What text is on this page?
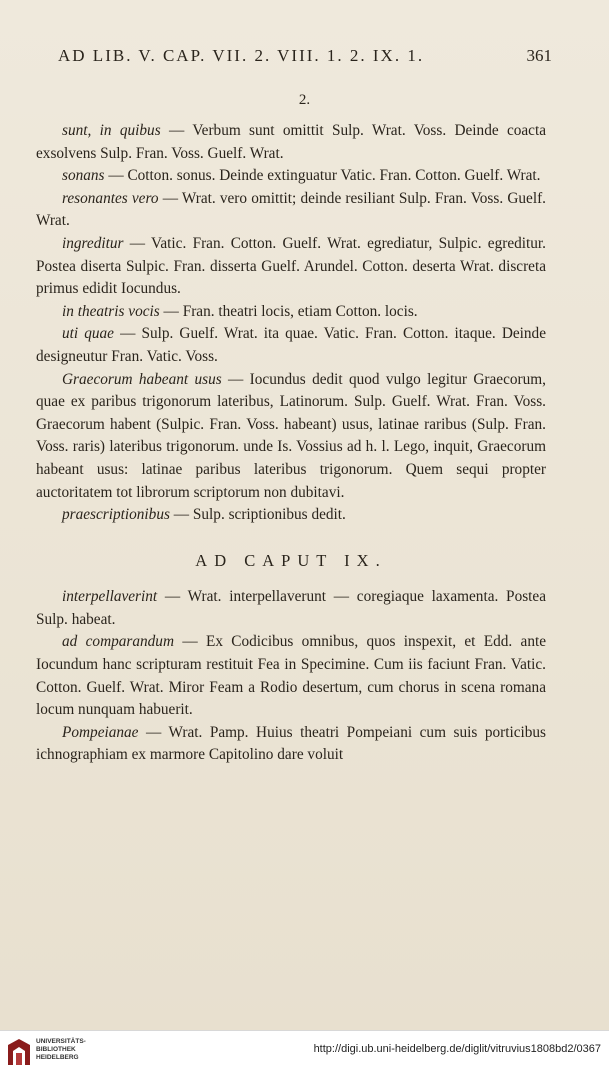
AD LIB. V. CAP. VII. 2. VIII. 1. 2. IX. 1.	361
2.

sunt, in quibus — Verbum sunt omittit Sulp. Wrat. Voss. Deinde coacta exsolvens Sulp. Fran. Voss. Guelf. Wrat.

sonans — Cotton. sonus. Deinde extinguatur Vatic. Fran. Cotton. Guelf. Wrat.

resonantes vero — Wrat. vero omittit; deinde resiliant Sulp. Fran. Voss. Guelf. Wrat.

ingreditur — Vatic. Fran. Cotton. Guelf. Wrat. egrediatur, Sulpic. egreditur. Postea diserta Sulpic. Fran. disserta Guelf. Arundel. Cotton. deserta Wrat. discreta primus edidit Iocundus.

in theatris vocis — Fran. theatri locis, etiam Cotton. locis.

uti quae — Sulp. Guelf. Wrat. ita quae. Vatic. Fran. Cotton. itaque. Deinde designeutur Fran. Vatic. Voss.

Graecorum habeant usus — Iocundus dedit quod vulgo legitur Graecorum, quae ex paribus trigonorum lateribus, Latinorum. Sulp. Guelf. Wrat. Fran. Voss. Graecorum habent (Sulpic. Fran. Voss. habeant) usus, latinae raribus (Sulp. Fran. Voss. raris) lateribus trigonorum. unde Is. Vossius ad h. l. Lego, inquit, Graecorum habeant usus: latinae paribus lateribus trigonorum. Quem sequi propter auctoritatem tot librorum scriptorum non dubitavi.

praescriptionibus — Sulp. scriptionibus dedit.

AD CAPUT IX.

interpellaverint — Wrat. interpellaverunt — coregiaque laxamenta. Postea Sulp. habeat.

ad comparandum — Ex Codicibus omnibus, quos inspexit, et Edd. ante Iocundum hanc scripturam restituit Fea in Specimine. Cum iis faciunt Fran. Vatic. Cotton. Guelf. Wrat. Miror Feam a Rodio desertum, cum chorus in scena romana locum nunquam habuerit.

Pompeianae — Wrat. Pamp. Huius theatri Pompeiani cum suis porticibus ichnographiam ex marmore Capitolino dare voluit

UNIVERSITÄTS-
BIBLIOTHEK
HEIDELBERG
http://digi.ub.uni-heidelberg.de/diglit/vitruvius1808bd2/0367
